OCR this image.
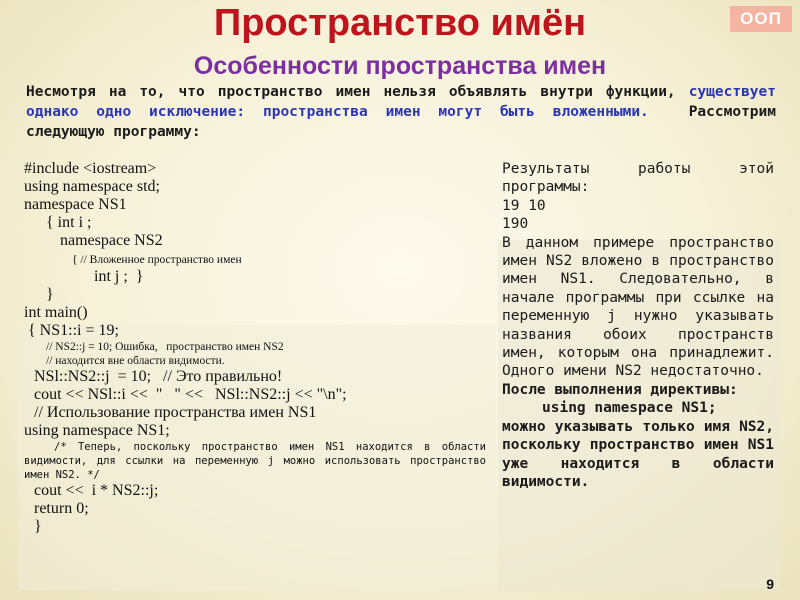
ООП
Пространство имён
Особенности пространства имен
Несмотря на то, что пространство имен нельзя объявлять внутри функции, существует однако одно исключение: пространства имен могут быть вложенными.	Рассмотрим следующую программу:
#include <iostream>
using namespace std;
namespace NS1
{ int i ;
namespace NS2
{ // Вложенное пространство имен
int j ;  }
}
int main()
{ NS1::i = 19;
// NS2::j = 10; Ошибка,   пространство имен NS2
// находится вне области видимости.
NSl::NS2::j  = 10;   // Это правильно!
cout << NSl::i <<  "   " <<   NSl::NS2::j << "\n";
// Использование пространства имен NS1
using namespace NS1;
/* Теперь, поскольку пространство имен NS1 находится в области видимости, для ссылки на переменную j можно использовать пространство имен NS2. */
cout <<  i * NS2::j;
return 0;
}
Результаты работы этой программы:
19 10
190
В данном примере пространство имен NS2 вложено в пространство имен NS1. Следовательно, в начале программы при ссылке на переменную j нужно указывать названия обоих пространств имен, которым она принадлежит. Одного имени NS2 недостаточно.
После выполнения директивы:
using namespace NS1;
можно указывать только имя NS2, поскольку пространство имен NS1 уже находится в области видимости.
9
